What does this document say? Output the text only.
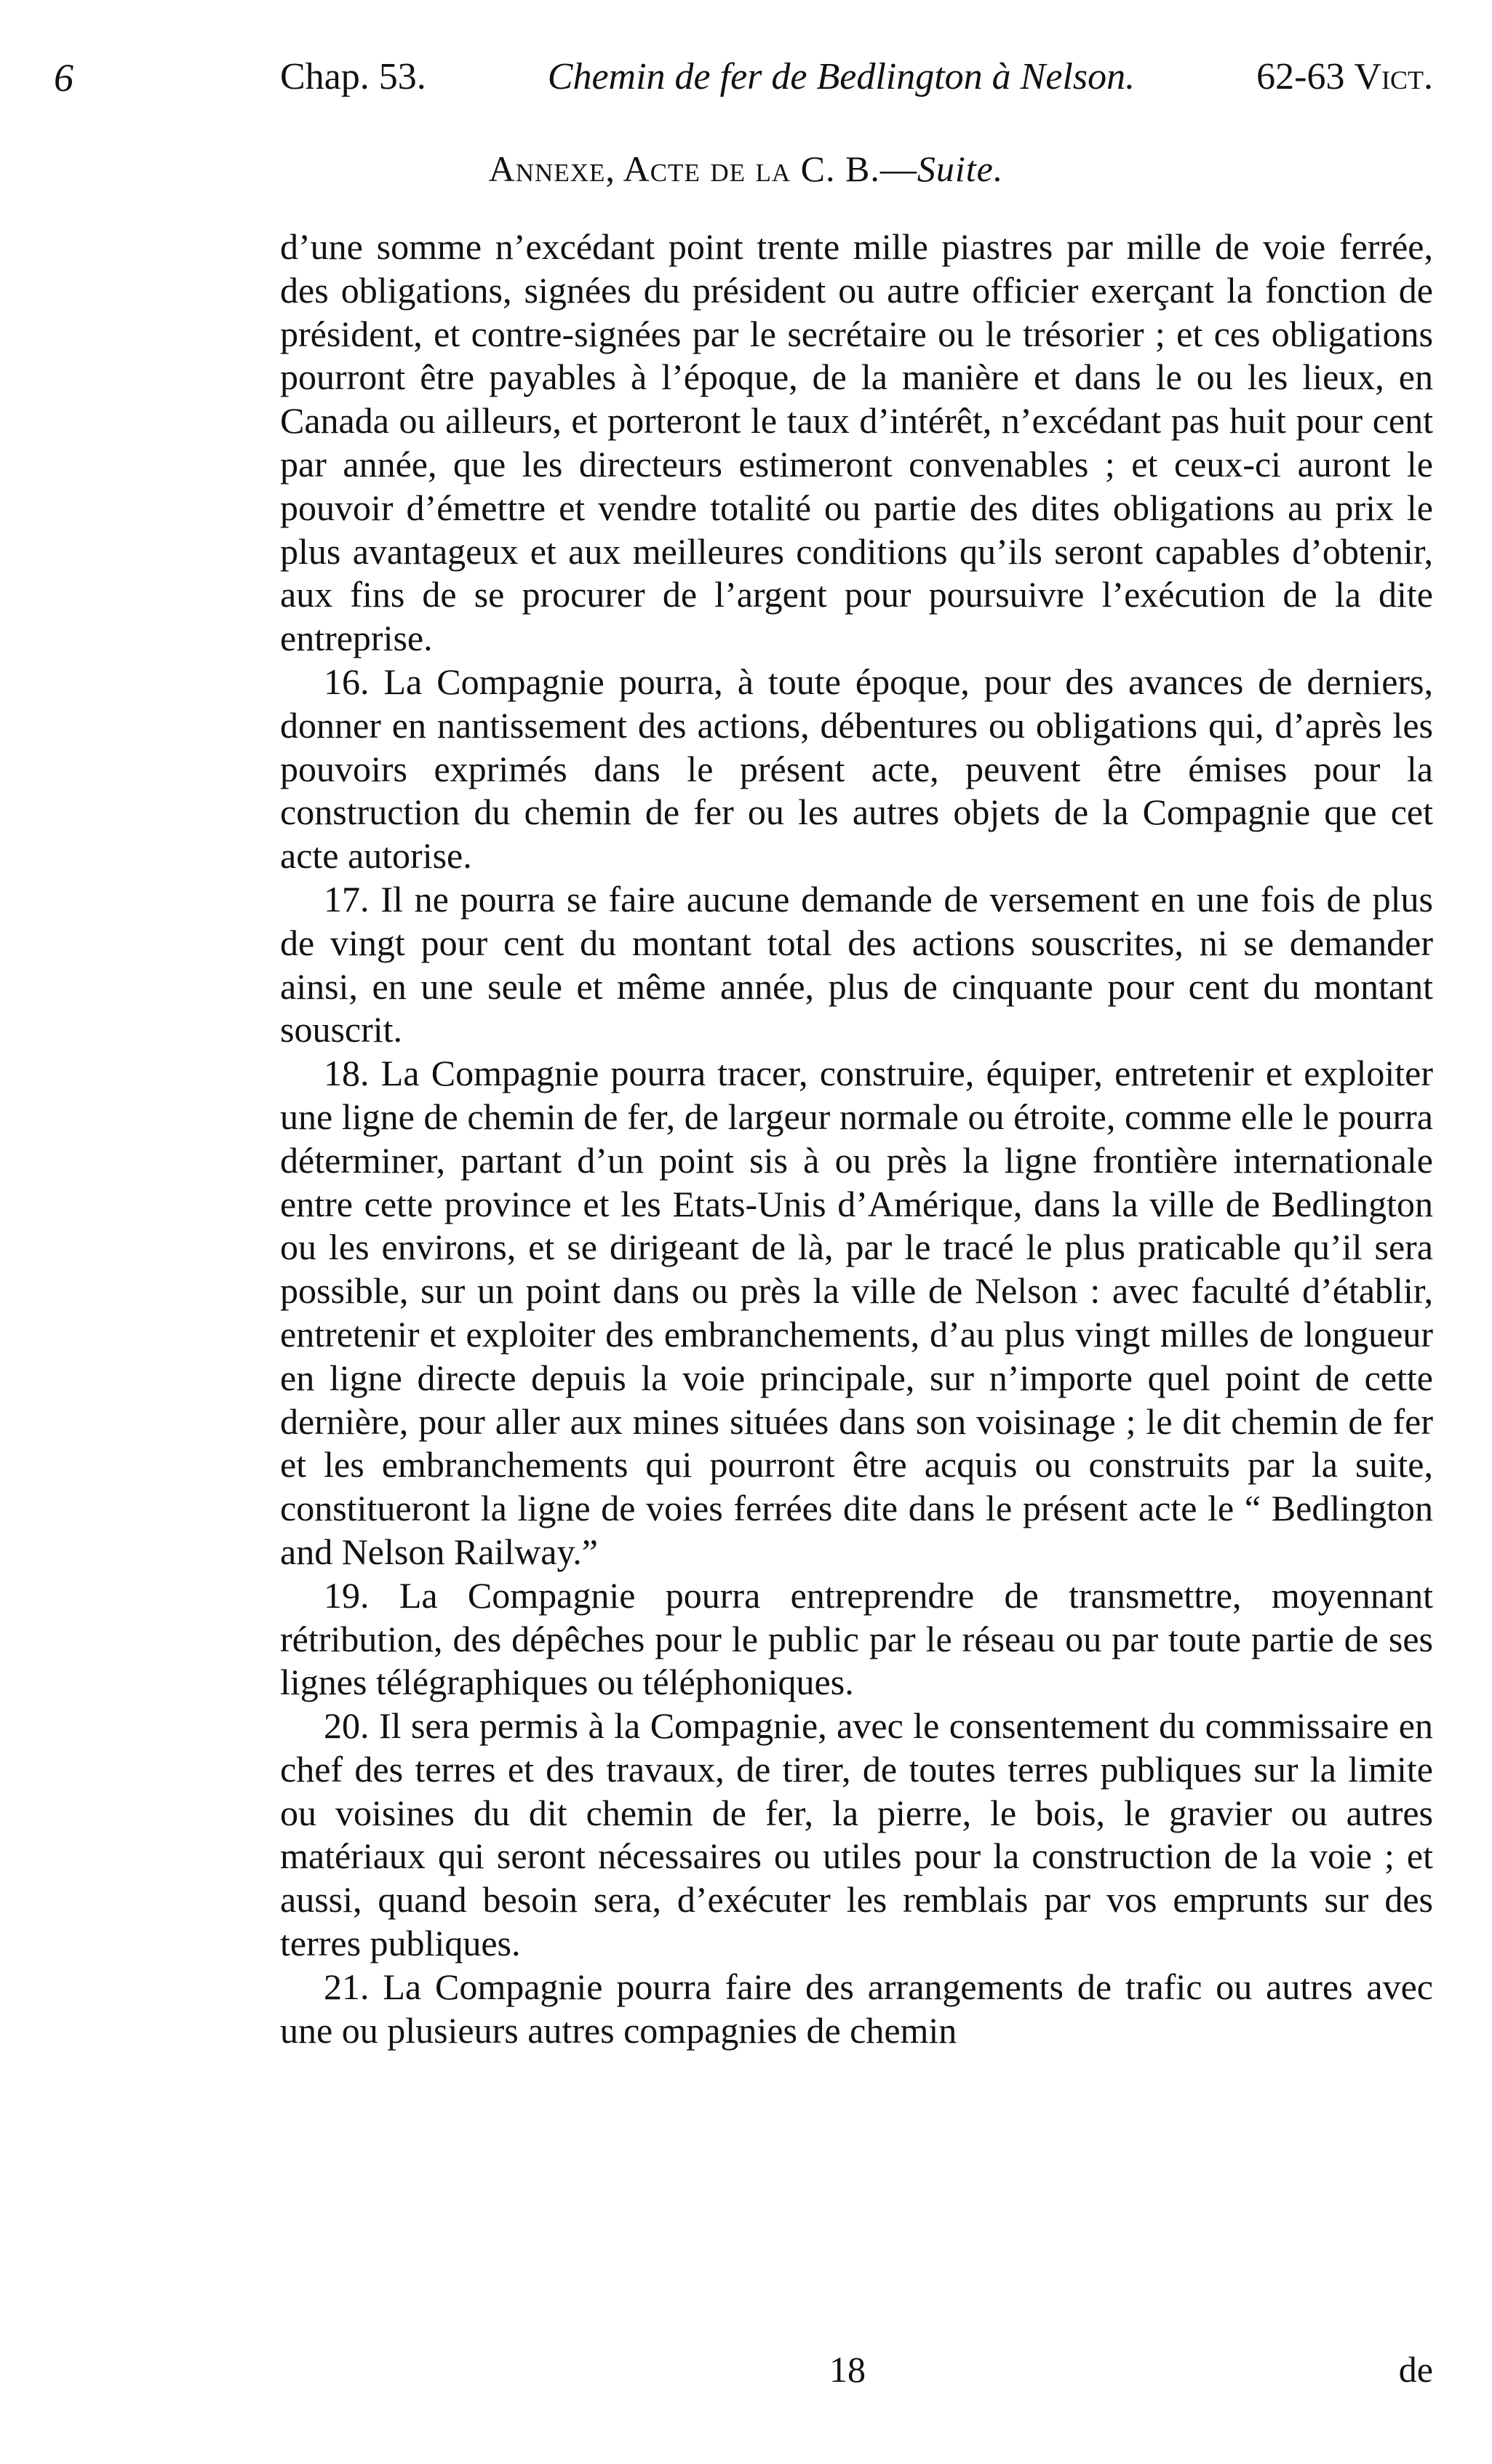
6	Chap. 53.	Chemin de fer de Bedlington à Nelson.	62-63 Vict.
Annexe, Acte de la C. B.—Suite.

d’une somme n’excédant point trente mille piastres par mille de voie ferrée, des obligations, signées du président ou autre officier exerçant la fonction de président, et contre-signées par le secrétaire ou le trésorier ; et ces obligations pourront être payables à l’époque, de la manière et dans le ou les lieux, en Canada ou ailleurs, et porteront le taux d’intérêt, n’excédant pas huit pour cent par année, que les directeurs estimeront convenables ; et ceux-ci auront le pouvoir d’émettre et vendre totalité ou partie des dites obligations au prix le plus avantageux et aux meilleures conditions qu’ils seront capables d’obtenir, aux fins de se procurer de l’argent pour poursuivre l’exécution de la dite entreprise.

16. La Compagnie pourra, à toute époque, pour des avances de derniers, donner en nantissement des actions, débentures ou obligations qui, d’après les pouvoirs exprimés dans le présent acte, peuvent être émises pour la construction du chemin de fer ou les autres objets de la Compagnie que cet acte autorise.

17. Il ne pourra se faire aucune demande de versement en une fois de plus de vingt pour cent du montant total des actions souscrites, ni se demander ainsi, en une seule et même année, plus de cinquante pour cent du montant souscrit.

18. La Compagnie pourra tracer, construire, équiper, entretenir et exploiter une ligne de chemin de fer, de largeur normale ou étroite, comme elle le pourra déterminer, partant d’un point sis à ou près la ligne frontière internationale entre cette province et les Etats-Unis d’Amérique, dans la ville de Bedlington ou les environs, et se dirigeant de là, par le tracé le plus praticable qu’il sera possible, sur un point dans ou près la ville de Nelson : avec faculté d’établir, entretenir et exploiter des embranchements, d’au plus vingt milles de longueur en ligne directe depuis la voie principale, sur n’importe quel point de cette dernière, pour aller aux mines situées dans son voisinage ; le dit chemin de fer et les embranchements qui pourront être acquis ou construits par la suite, constitueront la ligne de voies ferrées dite dans le présent acte le “ Bedlington and Nelson Railway.”

19. La Compagnie pourra entreprendre de transmettre, moyennant rétribution, des dépêches pour le public par le réseau ou par toute partie de ses lignes télégraphiques ou téléphoniques.

20. Il sera permis à la Compagnie, avec le consentement du commissaire en chef des terres et des travaux, de tirer, de toutes terres publiques sur la limite ou voisines du dit chemin de fer, la pierre, le bois, le gravier ou autres matériaux qui seront nécessaires ou utiles pour la construction de la voie ; et aussi, quand besoin sera, d’exécuter les remblais par vos emprunts sur des terres publiques.

21. La Compagnie pourra faire des arrangements de trafic ou autres avec une ou plusieurs autres compagnies de chemin

18	de
